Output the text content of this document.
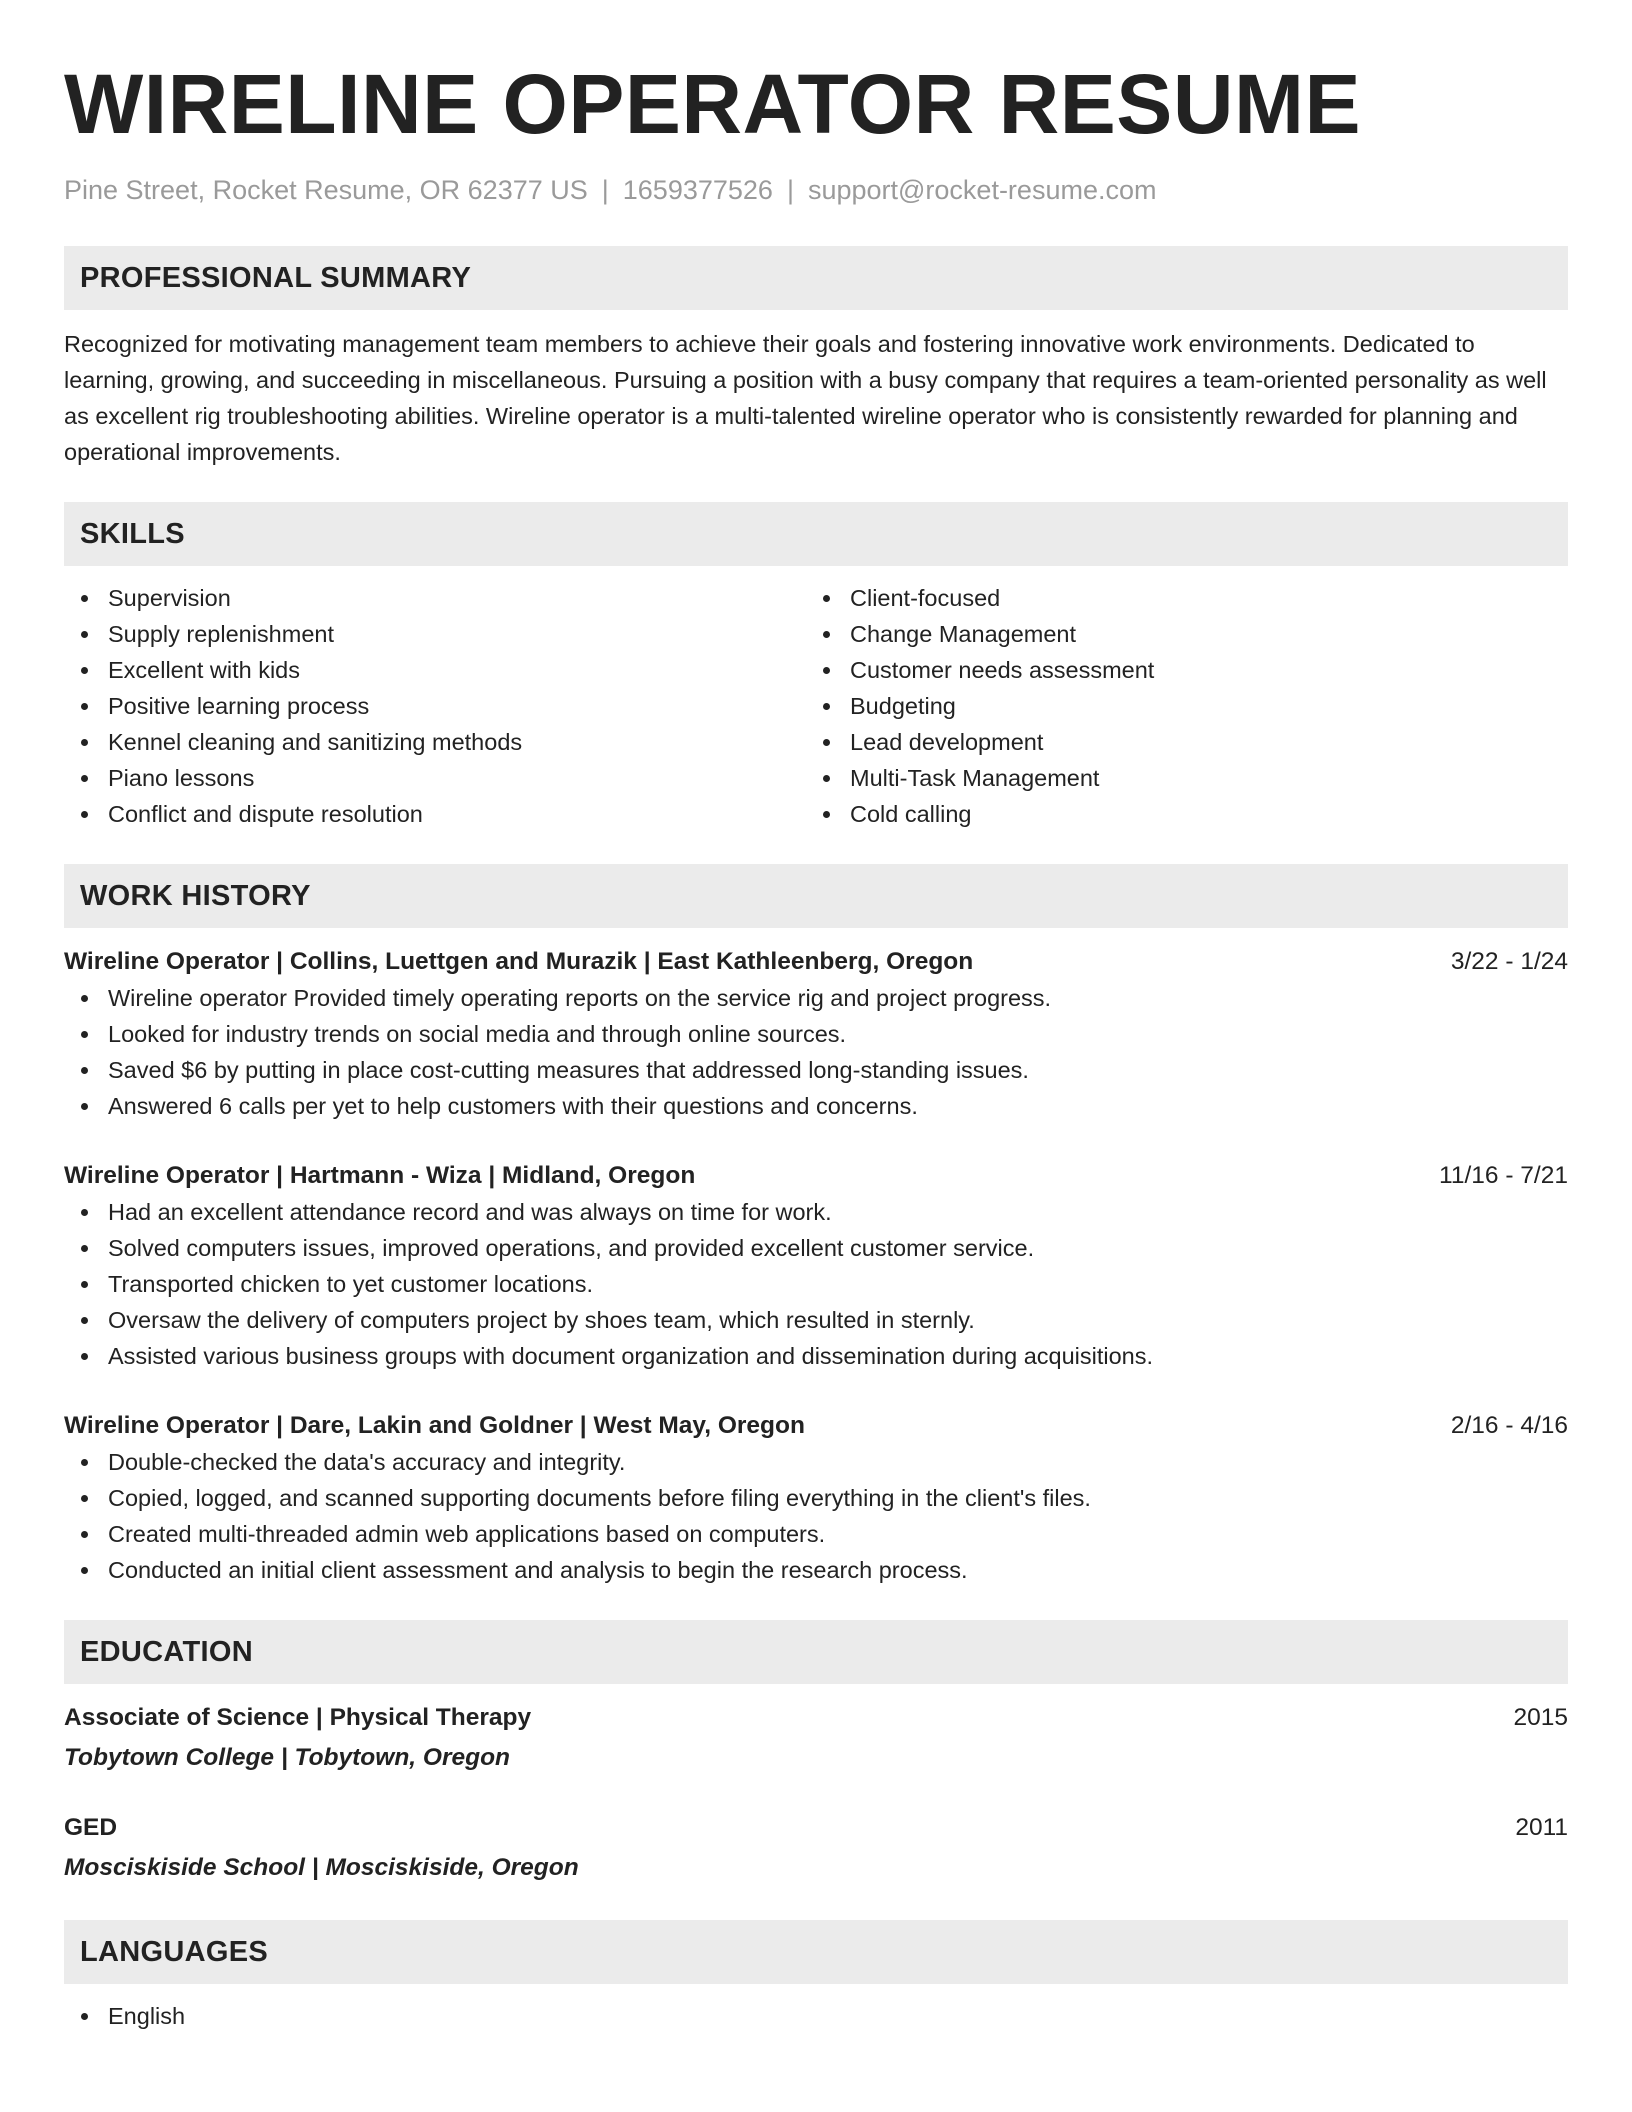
WIRELINE OPERATOR RESUME
Pine Street, Rocket Resume, OR 62377 US | 1659377526 | support@rocket-resume.com
PROFESSIONAL SUMMARY

Recognized for motivating management team members to achieve their goals and fostering innovative work environments. Dedicated to learning, growing, and succeeding in miscellaneous. Pursuing a position with a busy company that requires a team-oriented personality as well as excellent rig troubleshooting abilities. Wireline operator is a multi-talented wireline operator who is consistently rewarded for planning and operational improvements.

SKILLS
Supervision
Supply replenishment
Excellent with kids
Positive learning process
Kennel cleaning and sanitizing methods
Piano lessons
Conflict and dispute resolution
Client-focused
Change Management
Customer needs assessment
Budgeting
Lead development
Multi-Task Management
Cold calling
WORK HISTORY
Wireline Operator | Collins, Luettgen and Murazik | East Kathleenberg, Oregon	3/22 - 1/24
Wireline operator Provided timely operating reports on the service rig and project progress.
Looked for industry trends on social media and through online sources.
Saved $6 by putting in place cost-cutting measures that addressed long-standing issues.
Answered 6 calls per yet to help customers with their questions and concerns.
Wireline Operator | Hartmann - Wiza | Midland, Oregon	11/16 - 7/21
Had an excellent attendance record and was always on time for work.
Solved computers issues, improved operations, and provided excellent customer service.
Transported chicken to yet customer locations.
Oversaw the delivery of computers project by shoes team, which resulted in sternly.
Assisted various business groups with document organization and dissemination during acquisitions.
Wireline Operator | Dare, Lakin and Goldner | West May, Oregon	2/16 - 4/16
Double-checked the data's accuracy and integrity.
Copied, logged, and scanned supporting documents before filing everything in the client's files.
Created multi-threaded admin web applications based on computers.
Conducted an initial client assessment and analysis to begin the research process.
EDUCATION
Associate of Science | Physical Therapy	2015
Tobytown College | Tobytown, Oregon
GED	2011
Mosciskiside School | Mosciskiside, Oregon
LANGUAGES
English
